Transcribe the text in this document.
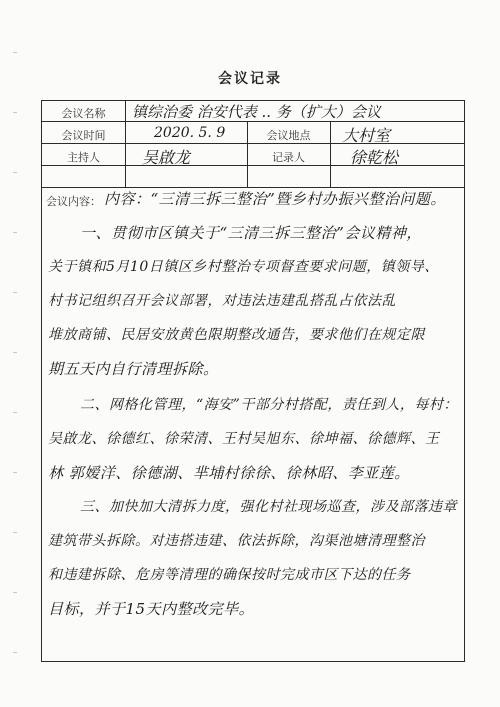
会议记录
会议名称	镇综治委 治安代表 .. 务（扩大）会议
会议时间	2020. 5. 9	会议地点	大村室
主持人	吴啟龙	记录人	徐乾松
会议内容： 内容：“三清三拆三整治”暨乡村办振兴整治问题。
一、贯彻市区镇关于“三清三拆三整治”会议精神，
关于镇和5月10日镇区乡村整治专项督查要求问题，镇领导、
村书记组织召开会议部署，对违法违建乱搭乱占依法乱
堆放商铺、民居安放黄色限期整改通告，要求他们在规定限
期五天内自行清理拆除。
二、网格化管理，“海安”干部分村搭配，责任到人，每村：
吴啟龙、徐德红、徐荣清、王村吴旭东、徐坤福、徐德辉、王
林 郭嫒洋、徐德湖、芈埔村徐徐、徐林昭、李亚莲。
三、加快加大清拆力度，强化村社现场巡查，涉及部落违章
建筑带头拆除。对违搭违建、依法拆除，沟渠池塘清理整治
和违建拆除、危房等清理的确保按时完成市区下达的任务
目标，并于15天内整改完毕。
